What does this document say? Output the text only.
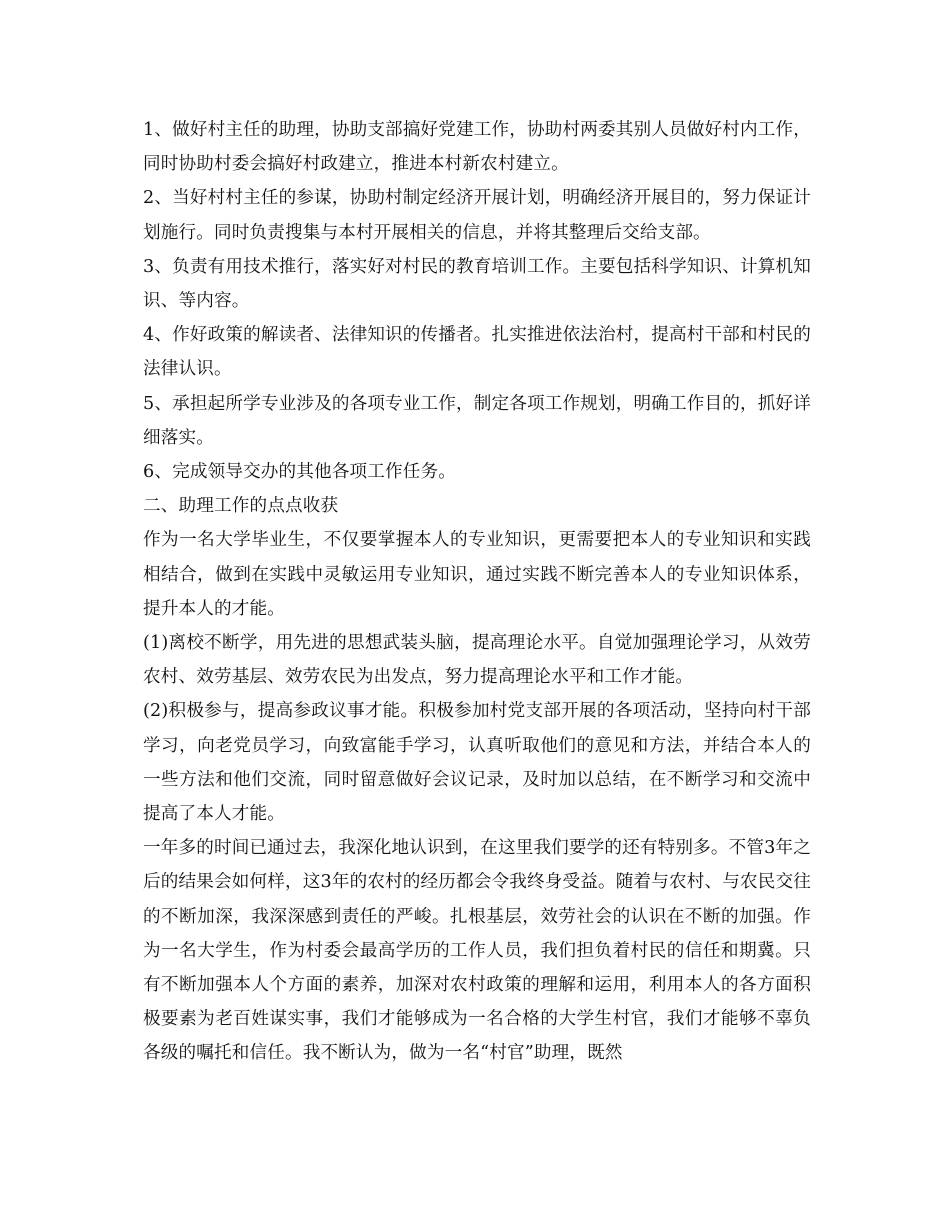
1、做好村主任的助理，协助支部搞好党建工作，协助村两委其别人员做好村内工作，同时协助村委会搞好村政建立，推进本村新农村建立。

2、当好村村主任的参谋，协助村制定经济开展计划，明确经济开展目的，努力保证计划施行。同时负责搜集与本村开展相关的信息，并将其整理后交给支部。

3、负责有用技术推行，落实好对村民的教育培训工作。主要包括科学知识、计算机知识、等内容。

4、作好政策的解读者、法律知识的传播者。扎实推进依法治村，提高村干部和村民的法律认识。

5、承担起所学专业涉及的各项专业工作，制定各项工作规划，明确工作目的，抓好详细落实。

6、完成领导交办的其他各项工作任务。

二、助理工作的点点收获

作为一名大学毕业生，不仅要掌握本人的专业知识，更需要把本人的专业知识和实践相结合，做到在实践中灵敏运用专业知识，通过实践不断完善本人的专业知识体系，提升本人的才能。

(1)离校不断学，用先进的思想武装头脑，提高理论水平。自觉加强理论学习，从效劳农村、效劳基层、效劳农民为出发点，努力提高理论水平和工作才能。

(2)积极参与，提高参政议事才能。积极参加村党支部开展的各项活动，坚持向村干部学习，向老党员学习，向致富能手学习，认真听取他们的意见和方法，并结合本人的一些方法和他们交流，同时留意做好会议记录，及时加以总结，在不断学习和交流中提高了本人才能。

一年多的时间已通过去，我深化地认识到，在这里我们要学的还有特别多。不管3年之后的结果会如何样，这3年的农村的经历都会令我终身受益。随着与农村、与农民交往的不断加深，我深深感到责任的严峻。扎根基层，效劳社会的认识在不断的加强。作为一名大学生，作为村委会最高学历的工作人员，我们担负着村民的信任和期冀。只有不断加强本人个方面的素养，加深对农村政策的理解和运用，利用本人的各方面积极要素为老百姓谋实事，我们才能够成为一名合格的大学生村官，我们才能够不辜负各级的嘱托和信任。我不断认为，做为一名“村官”助理，既然
